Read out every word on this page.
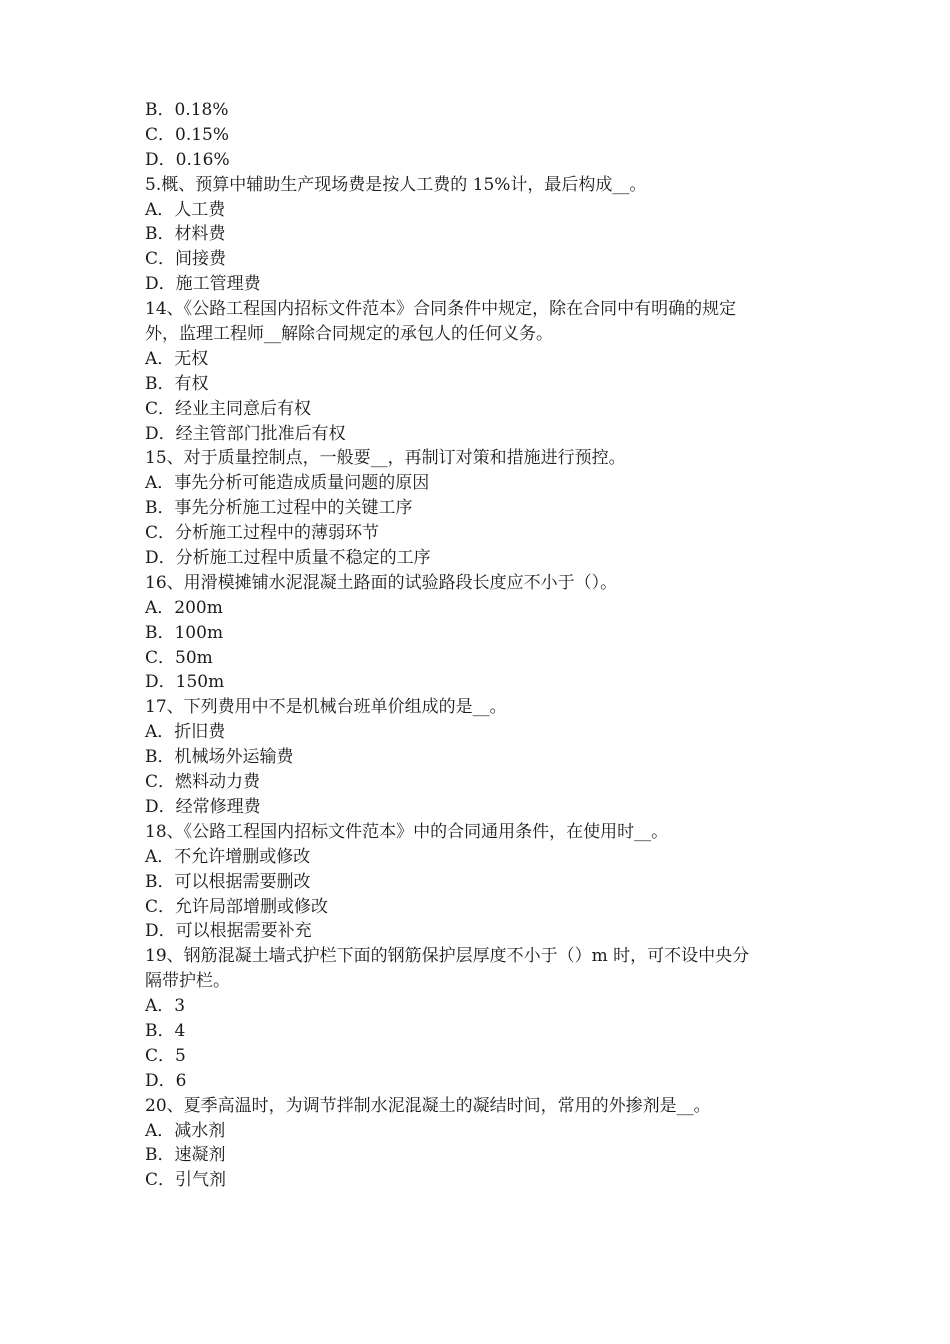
B．0.18%
C．0.15%
D．0.16%
5.概、预算中辅助生产现场费是按人工费的 15%计，最后构成__。
A．人工费
B．材料费
C．间接费
D．施工管理费
14、《公路工程国内招标文件范本》合同条件中规定，除在合同中有明确的规定
外，监理工程师__解除合同规定的承包人的任何义务。
A．无权
B．有权
C．经业主同意后有权
D．经主管部门批准后有权
15、对于质量控制点，一般要__，再制订对策和措施进行预控。
A．事先分析可能造成质量问题的原因
B．事先分析施工过程中的关键工序
C．分析施工过程中的薄弱环节
D．分析施工过程中质量不稳定的工序
16、用滑模摊铺水泥混凝土路面的试验路段长度应不小于（）。
A．200m
B．100m
C．50m
D．150m
17、下列费用中不是机械台班单价组成的是__。
A．折旧费
B．机械场外运输费
C．燃料动力费
D．经常修理费
18、《公路工程国内招标文件范本》中的合同通用条件，在使用时__。
A．不允许增删或修改
B．可以根据需要删改
C．允许局部增删或修改
D．可以根据需要补充
19、钢筋混凝土墙式护栏下面的钢筋保护层厚度不小于（）m 时，可不设中央分
隔带护栏。
A．3
B．4
C．5
D．6
20、夏季高温时，为调节拌制水泥混凝土的凝结时间，常用的外掺剂是__。
A．减水剂
B．速凝剂
C．引气剂
